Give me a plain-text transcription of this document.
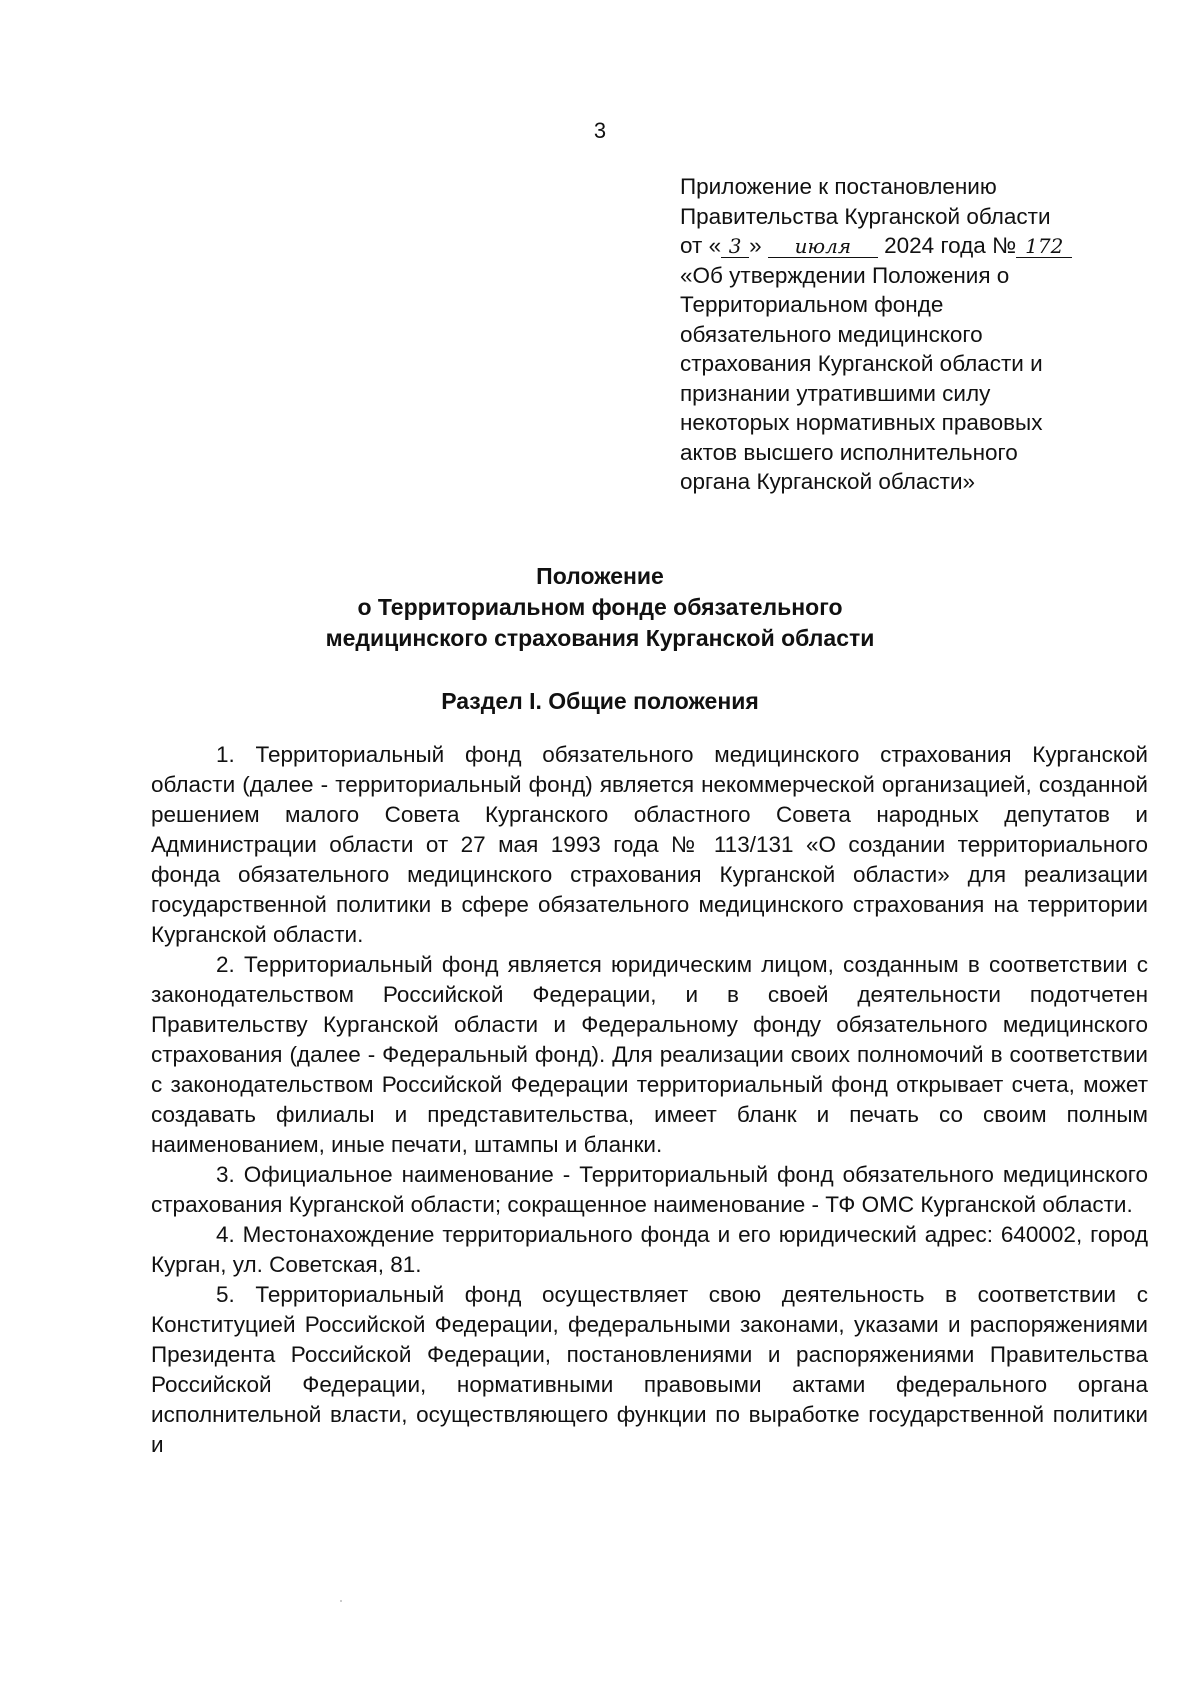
3
Приложение к постановлению
Правительства Курганской области
от « 3 » июля 2024 года № 172
«Об утверждении Положения о
Территориальном фонде
обязательного медицинского
страхования Курганской области и
признании утратившими силу
некоторых нормативных правовых
актов высшего исполнительного
органа Курганской области»
Положение
о Территориальном фонде обязательного
медицинского страхования Курганской области
Раздел I. Общие положения

1. Территориальный фонд обязательного медицинского страхования Курганской области (далее - территориальный фонд) является некоммерческой организацией, созданной решением малого Совета Курганского областного Совета народных депутатов и Администрации области от 27 мая 1993 года № 113/131 «О создании территориального фонда обязательного медицинского страхования Курганской области» для реализации государственной политики в сфере обязательного медицинского страхования на территории Курганской области.

2. Территориальный фонд является юридическим лицом, созданным в соответствии с законодательством Российской Федерации, и в своей деятельности подотчетен Правительству Курганской области и Федеральному фонду обязательного медицинского страхования (далее - Федеральный фонд). Для реализации своих полномочий в соответствии с законодательством Российской Федерации территориальный фонд открывает счета, может создавать филиалы и представительства, имеет бланк и печать со своим полным наименованием, иные печати, штампы и бланки.

3. Официальное наименование - Территориальный фонд обязательного медицинского страхования Курганской области; сокращенное наименование - ТФ ОМС Курганской области.

4. Местонахождение территориального фонда и его юридический адрес: 640002, город Курган, ул. Советская, 81.

5. Территориальный фонд осуществляет свою деятельность в соответствии с Конституцией Российской Федерации, федеральными законами, указами и распоряжениями Президента Российской Федерации, постановлениями и распоряжениями Правительства Российской Федерации, нормативными правовыми актами федерального органа исполнительной власти, осуществляющего функции по выработке государственной политики и
